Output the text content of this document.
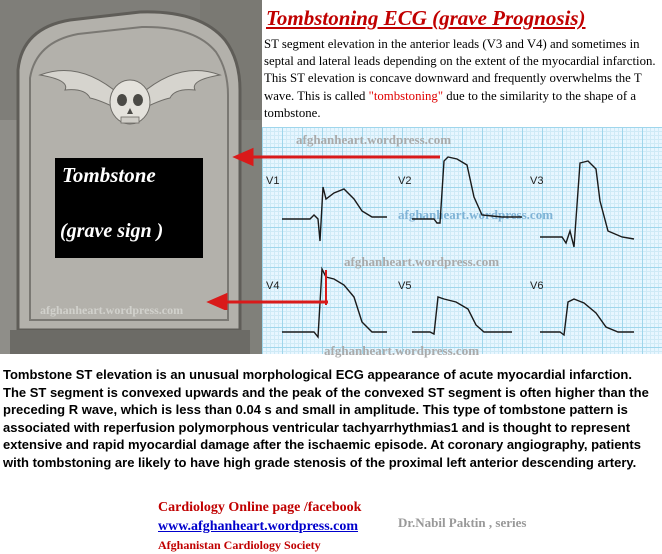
Tombstone
(grave sign )
afghanheart.wordpress.com
Tombstoning ECG (grave Prognosis)
ST segment elevation in the anterior leads (V3 and V4) and sometimes in septal and lateral leads depending on the extent of the myocardial infarction. This ST elevation is concave downward and frequently overwhelms the T wave. This is called "tombstoning" due to the similarity to the shape of a tombstone.
afghanheart.wordpress.com
afghanheart.wordpress.com
afghanheart.wordpress.com
afghanheart.wordpress.com
V1	V2	V3
V4	V5	V6
Tombstone ST elevation is an unusual morphological ECG appearance of acute myocardial infarction. The ST segment is convexed upwards and the peak of the convexed ST segment is often higher than the preceding R wave, which is less than 0.04 s and small in amplitude. This type of tombstone pattern is associated with reperfusion polymorphous ventricular tachyarrhythmias1 and is thought to represent extensive and rapid myocardial damage after the ischaemic episode. At coronary angiography, patients with tombstoning are likely to have high grade stenosis of the proximal left anterior descending artery.
Cardiology Online page /facebook
www.afghanheart.wordpress.com
Afghanistan Cardiology Society
Dr.Nabil Paktin , series
